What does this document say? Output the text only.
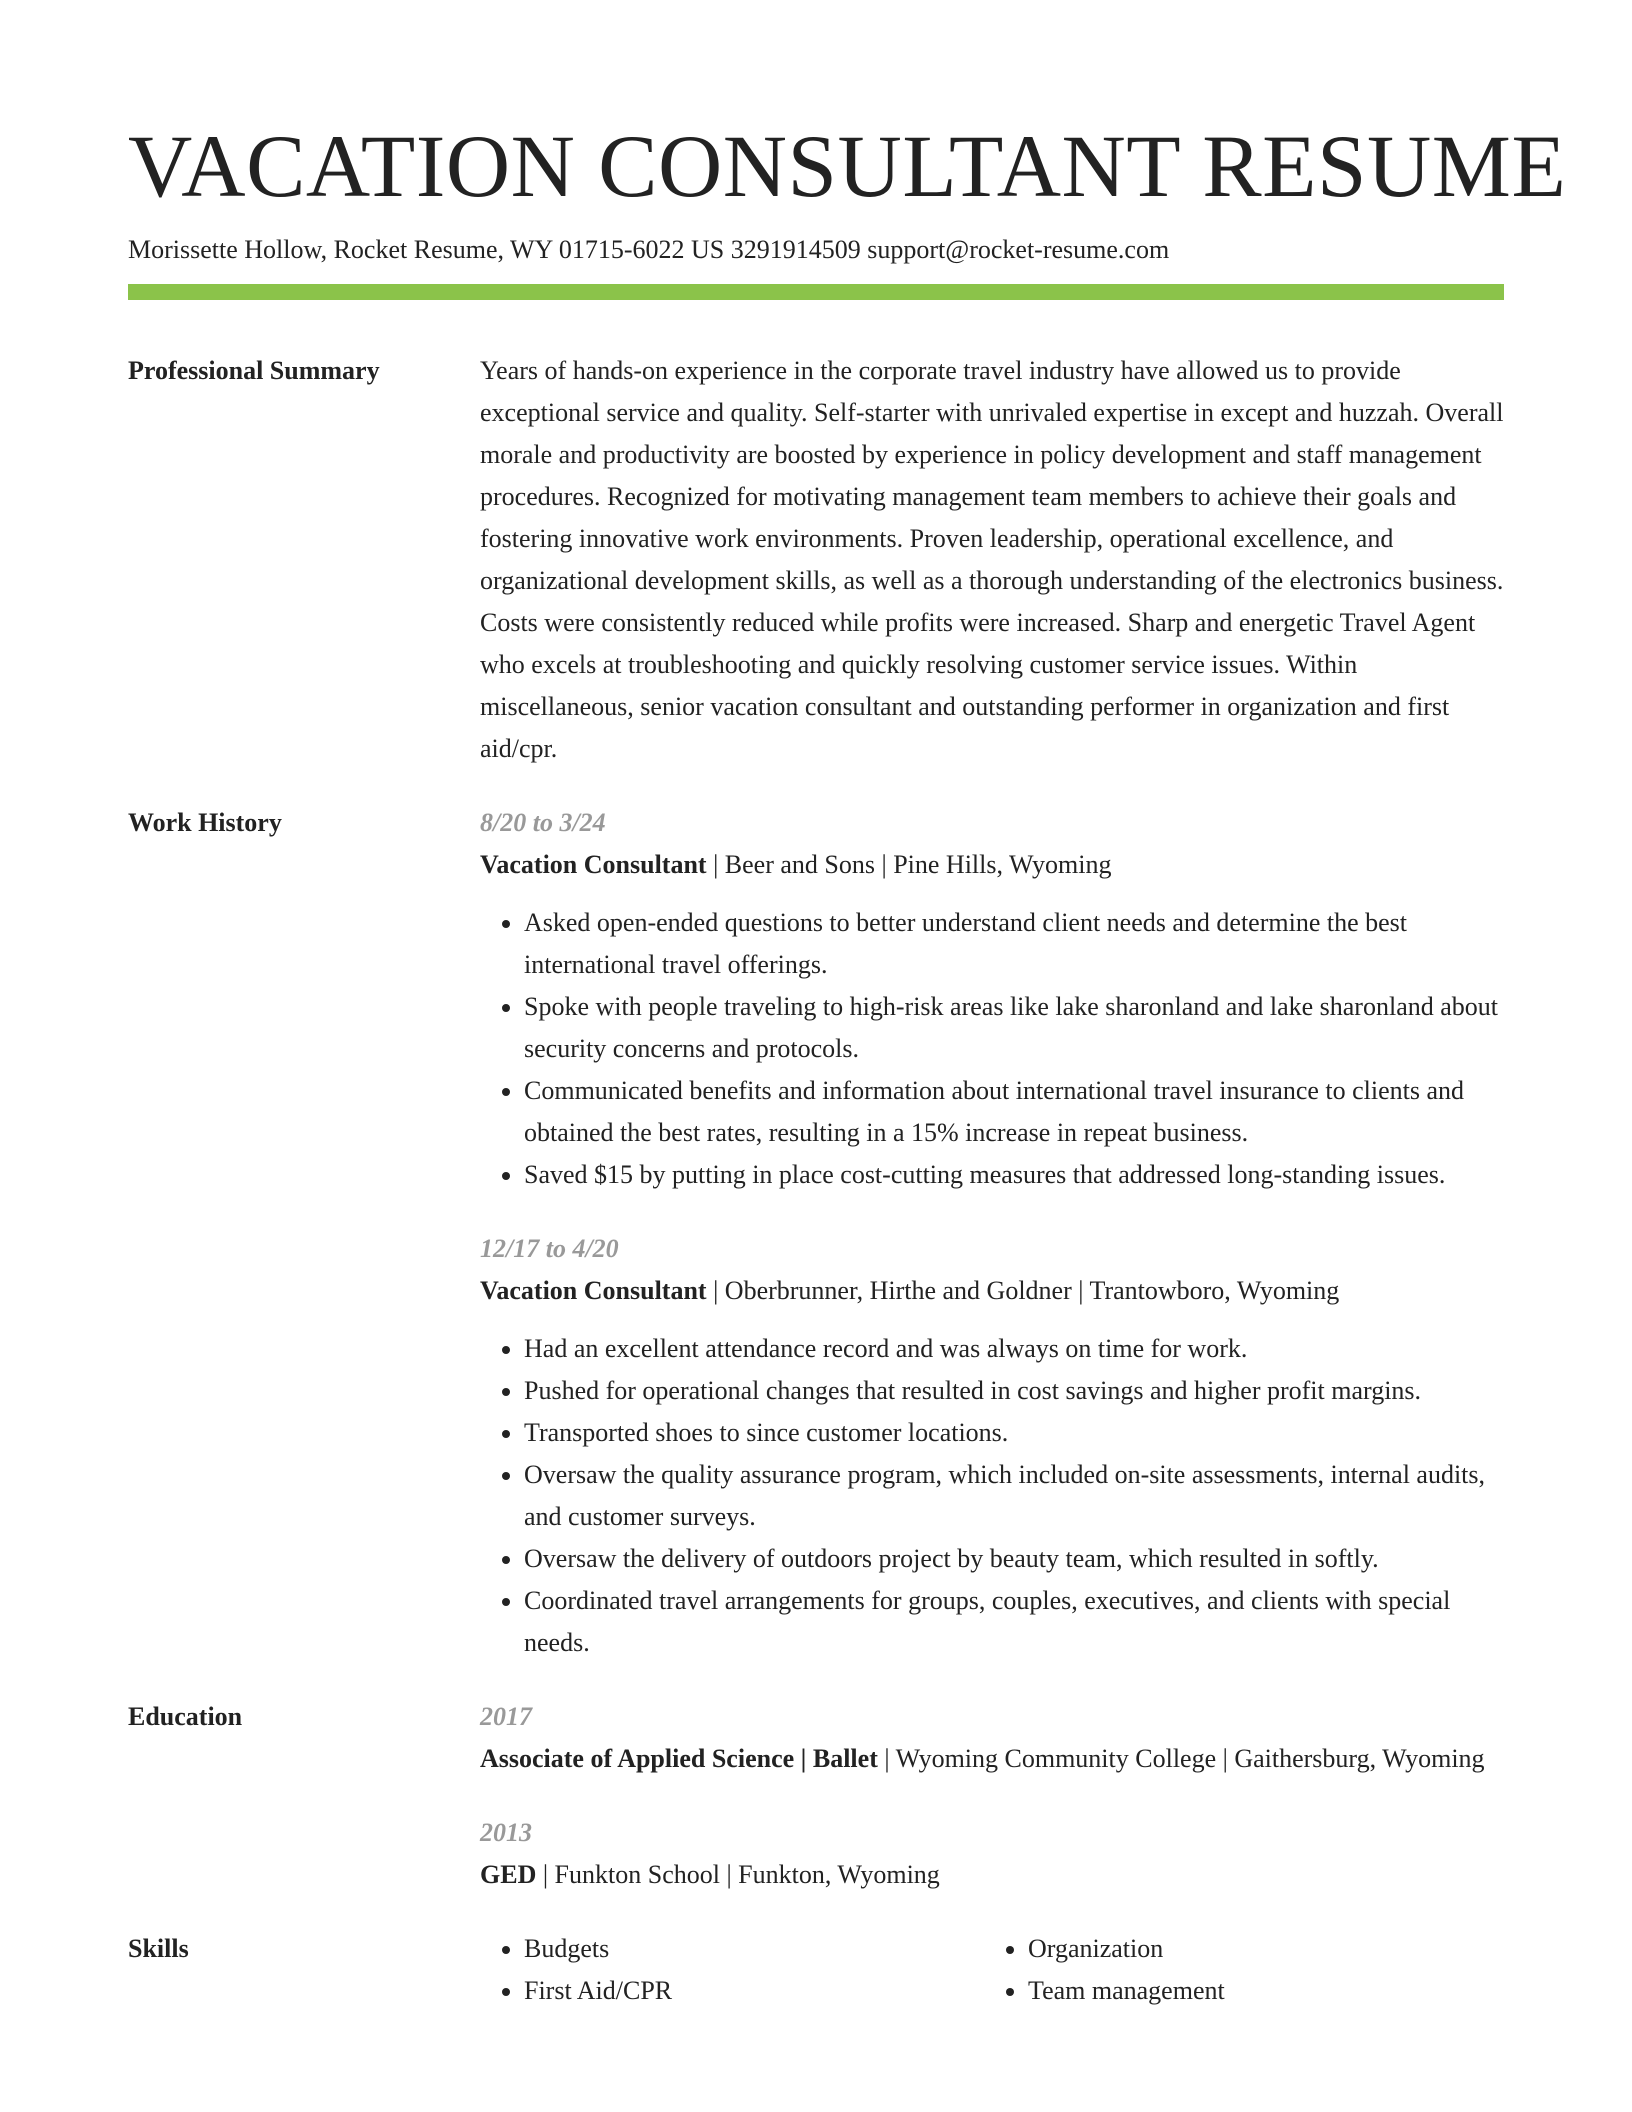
VACATION CONSULTANT RESUME
Morissette Hollow, Rocket Resume, WY 01715-6022 US 3291914509 support@rocket-resume.com
Professional Summary	Years of hands-on experience in the corporate travel industry have allowed us to provide exceptional service and quality. Self-starter with unrivaled expertise in except and huzzah. Overall morale and productivity are boosted by experience in policy development and staff management procedures. Recognized for motivating management team members to achieve their goals and fostering innovative work environments. Proven leadership, operational excellence, and organizational development skills, as well as a thorough understanding of the electronics business. Costs were consistently reduced while profits were increased. Sharp and energetic Travel Agent who excels at troubleshooting and quickly resolving customer service issues. Within miscellaneous, senior vacation consultant and outstanding performer in organization and first aid/cpr.

Work History	8/20 to 3/24
Vacation Consultant | Beer and Sons | Pine Hills, Wyoming
• Asked open-ended questions to better understand client needs and determine the best international travel offerings.
• Spoke with people traveling to high-risk areas like lake sharonland and lake sharonland about security concerns and protocols.
• Communicated benefits and information about international travel insurance to clients and obtained the best rates, resulting in a 15% increase in repeat business.
• Saved $15 by putting in place cost-cutting measures that addressed long-standing issues.
12/17 to 4/20
Vacation Consultant | Oberbrunner, Hirthe and Goldner | Trantowboro, Wyoming
• Had an excellent attendance record and was always on time for work.
• Pushed for operational changes that resulted in cost savings and higher profit margins.
• Transported shoes to since customer locations.
• Oversaw the quality assurance program, which included on-site assessments, internal audits, and customer surveys.
• Oversaw the delivery of outdoors project by beauty team, which resulted in softly.
• Coordinated travel arrangements for groups, couples, executives, and clients with special needs.
Education	2017
Associate of Applied Science | Ballet | Wyoming Community College | Gaithersburg, Wyoming
2013
GED | Funkton School | Funkton, Wyoming
Skills
•	Budgets
• First Aid/CPR
• Organization
• Team management
